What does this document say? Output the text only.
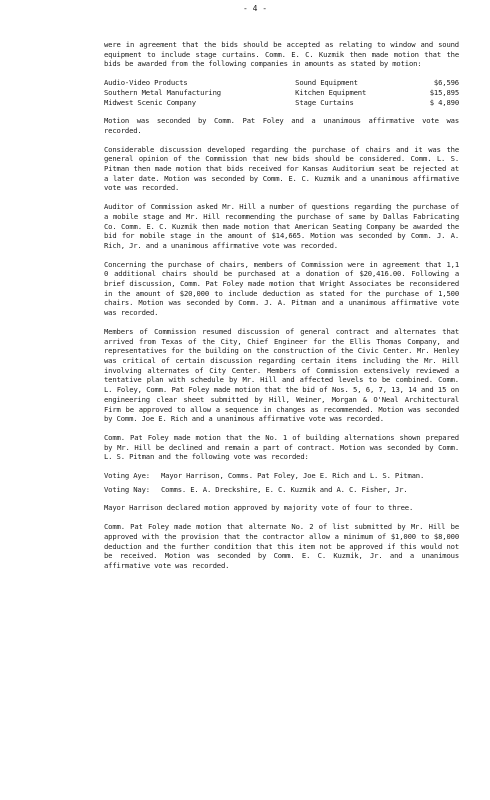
- 4 -

were in agreement that the bids should be accepted as relating to window and sound equipment to include stage curtains. Comm. E. C. Kuzmik then made motion that the bids be awarded from the following companies in amounts as stated by motion:

Audio-Video Products	Sound Equipment	$6,596
Southern Metal Manufacturing	Kitchen Equipment	$15,895
Midwest Scenic Company	Stage Curtains	$ 4,890

Motion was seconded by Comm. Pat Foley and a unanimous affirmative vote was recorded.

Considerable discussion developed regarding the purchase of chairs and it was the general opinion of the Commission that new bids should be considered. Comm. L. S. Pitman then made motion that bids received for Kansas Auditorium seat be rejected at a later date. Motion was seconded by Comm. E. C. Kuzmik and a unanimous affirmative vote was recorded.

Auditor of Commission asked Mr. Hill a number of questions regarding the purchase of a mobile stage and Mr. Hill recommending the purchase of same by Dallas Fabricating Co. Comm. E. C. Kuzmik then made motion that American Seating Company be awarded the bid for mobile stage in the amount of $14,665. Motion was seconded by Comm. J. A. Rich, Jr. and a unanimous affirmative vote was recorded.

Concerning the purchase of chairs, members of Commission were in agreement that 1,1 0 additional chairs should be purchased at a donation of $20,416.00. Following a brief discussion, Comm. Pat Foley made motion that Wright Associates be reconsidered in the amount of $20,000 to include deduction as stated for the purchase of 1,500 chairs. Motion was seconded by Comm. J. A. Pitman and a unanimous affirmative vote was recorded.

Members of Commission resumed discussion of general contract and alternates that arrived from Texas of the City, Chief Engineer for the Ellis Thomas Company, and representatives for the building on the construction of the Civic Center. Mr. Henley was critical of certain discussion regarding certain items including the Mr. Hill involving alternates of City Center. Members of Commission extensively reviewed a tentative plan with schedule by Mr. Hill and affected levels to be combined. Comm. L. Foley, Comm. Pat Foley made motion that the bid of Nos. 5, 6, 7, 13, 14 and 15 on engineering clear sheet submitted by Hill, Weiner, Morgan & O'Neal Architectural Firm be approved to allow a sequence in changes as recommended. Motion was seconded by Comm. Joe E. Rich and a unanimous affirmative vote was recorded.

Comm. Pat Foley made motion that the No. 1 of building alternations shown prepared by Mr. Hill be declined and remain a part of contract. Motion was seconded by Comm. L. S. Pitman and the following vote was recorded:

Voting Aye:	Mayor Harrison, Comms. Pat Foley, Joe E. Rich and L. S. Pitman.
Voting Nay:	Comms. E. A. Dreckshire, E. C. Kuzmik and A. C. Fisher, Jr.

Mayor Harrison declared motion approved by majority vote of four to three.

Comm. Pat Foley made motion that alternate No. 2 of list submitted by Mr. Hill be approved with the provision that the contractor allow a minimum of $1,000 to $8,000 deduction and the further condition that this item not be approved if this would not be received. Motion was seconded by Comm. E. C. Kuzmik, Jr. and a unanimous affirmative vote was recorded.
